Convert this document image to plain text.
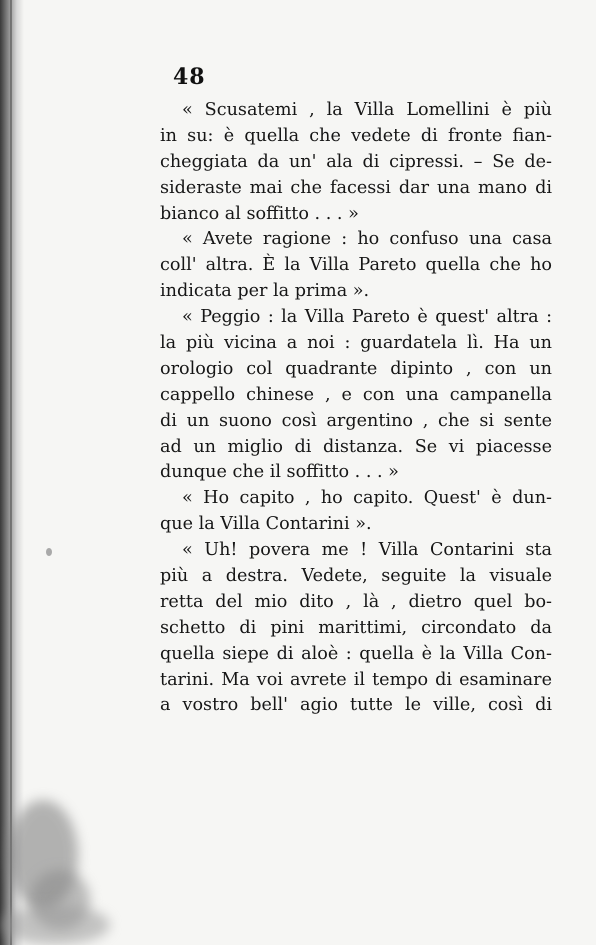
48
« Scusatemi , la Villa Lomellini è più
in su: è quella che vedete di fronte fian-
cheggiata da un' ala di cipressi. – Se de-
sideraste mai che facessi dar una mano di
bianco al soffitto . . . »
« Avete ragione : ho confuso una casa
coll' altra. È la Villa Pareto quella che ho
indicata per la prima ».
« Peggio : la Villa Pareto è quest' altra :
la più vicina a noi : guardatela lì. Ha un
orologio col quadrante dipinto , con un
cappello chinese , e con una campanella
di un suono così argentino , che si sente
ad un miglio di distanza. Se vi piacesse
dunque che il soffitto . . . »
« Ho capito , ho capito. Quest' è dun-
que la Villa Contarini ».
« Uh! povera me ! Villa Contarini sta
più a destra. Vedete, seguite la visuale
retta del mio dito , là , dietro quel bo-
schetto di pini marittimi, circondato da
quella siepe di aloè : quella è la Villa Con-
tarini. Ma voi avrete il tempo di esaminare
a vostro bell' agio tutte le ville, così di
